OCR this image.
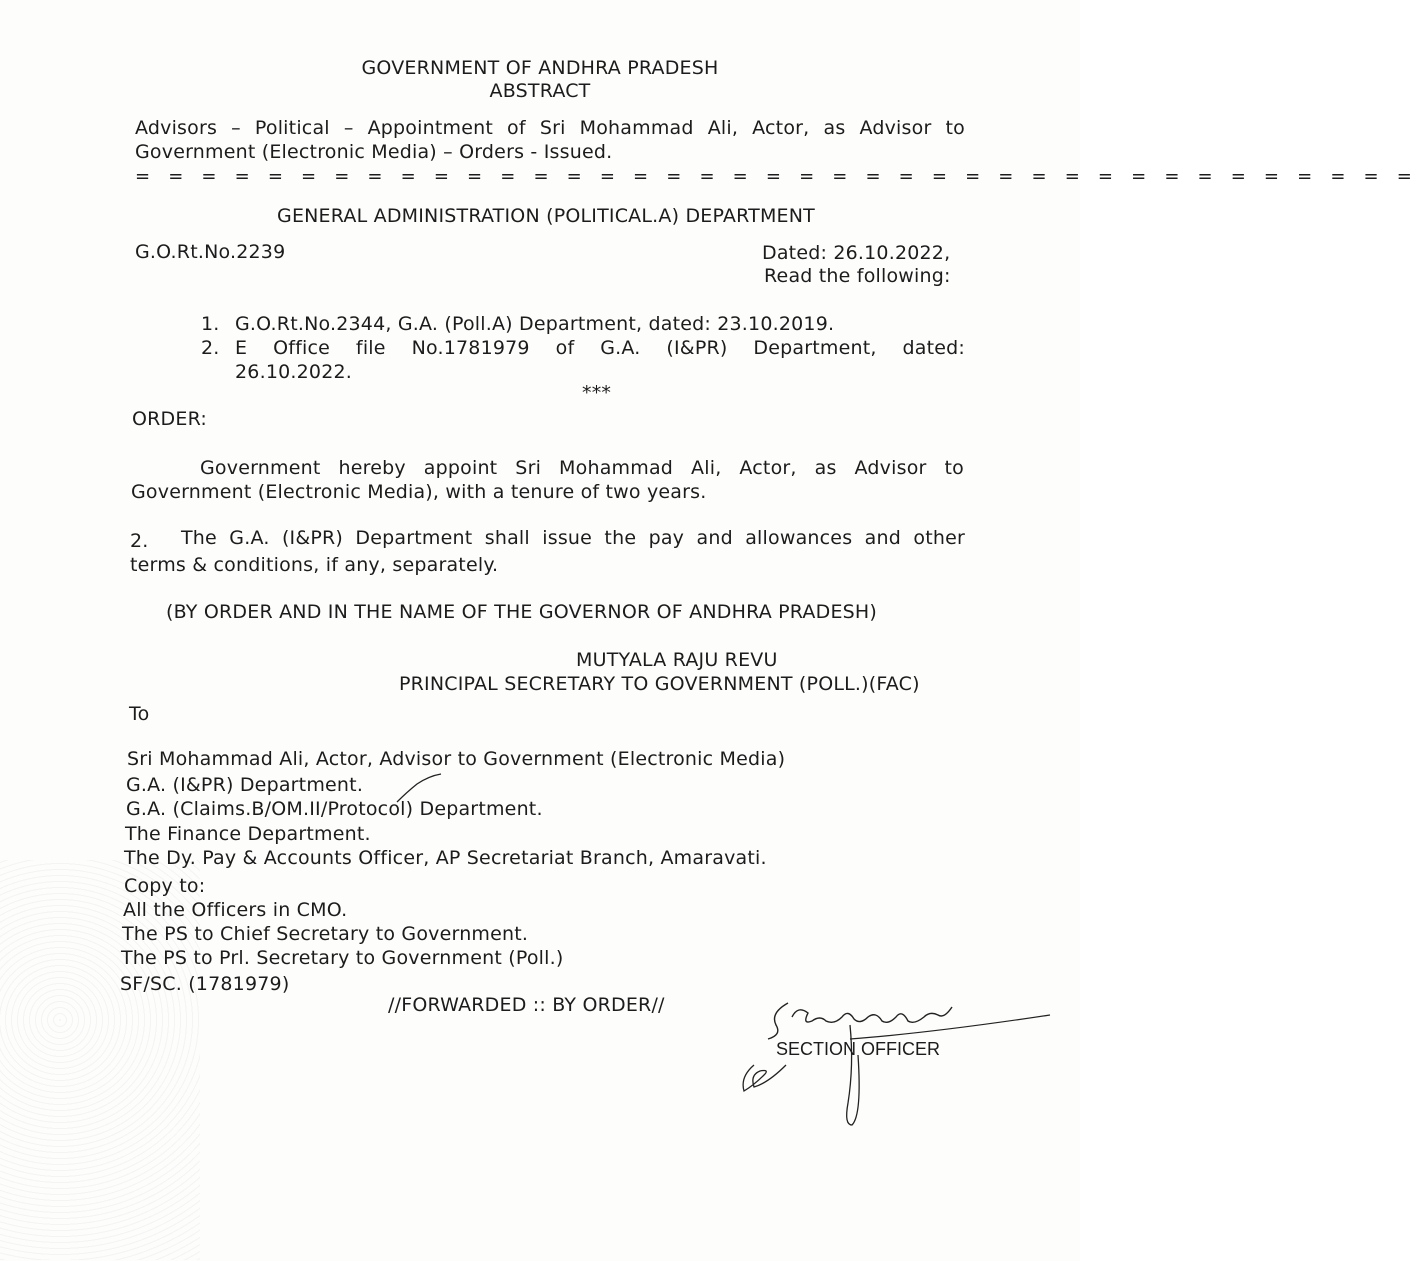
GOVERNMENT OF ANDHRA PRADESH
ABSTRACT
Advisors – Political – Appointment of Sri Mohammad Ali, Actor, as Advisor to
Government (Electronic Media) – Orders - Issued.
= = = = = = = = = = = = = = = = = = = = = = = = = = = = = = = = = = = = = = =
GENERAL ADMINISTRATION (POLITICAL.A) DEPARTMENT
G.O.Rt.No.2239	Dated: 26.10.2022,
Read the following:
1. G.O.Rt.No.2344, G.A. (Poll.A) Department, dated: 23.10.2019.
2. E Office file No.1781979 of G.A. (I&PR) Department, dated:
26.10.2022.
***
ORDER:
Government hereby appoint Sri Mohammad Ali, Actor, as Advisor to
Government (Electronic Media), with a tenure of two years.
2. The G.A. (I&PR) Department shall issue the pay and allowances and other
terms & conditions, if any, separately.
(BY ORDER AND IN THE NAME OF THE GOVERNOR OF ANDHRA PRADESH)
MUTYALA RAJU REVU
PRINCIPAL SECRETARY TO GOVERNMENT (POLL.)(FAC)
To
Sri Mohammad Ali, Actor, Advisor to Government (Electronic Media)
G.A. (I&PR) Department.
G.A. (Claims.B/OM.II/Protocol) Department.
The Finance Department.
The Dy. Pay & Accounts Officer, AP Secretariat Branch, Amaravati.
Copy to:
All the Officers in CMO.
The PS to Chief Secretary to Government.
The PS to Prl. Secretary to Government (Poll.)
SF/SC. (1781979)
//FORWARDED :: BY ORDER//
SECTION OFFICER
